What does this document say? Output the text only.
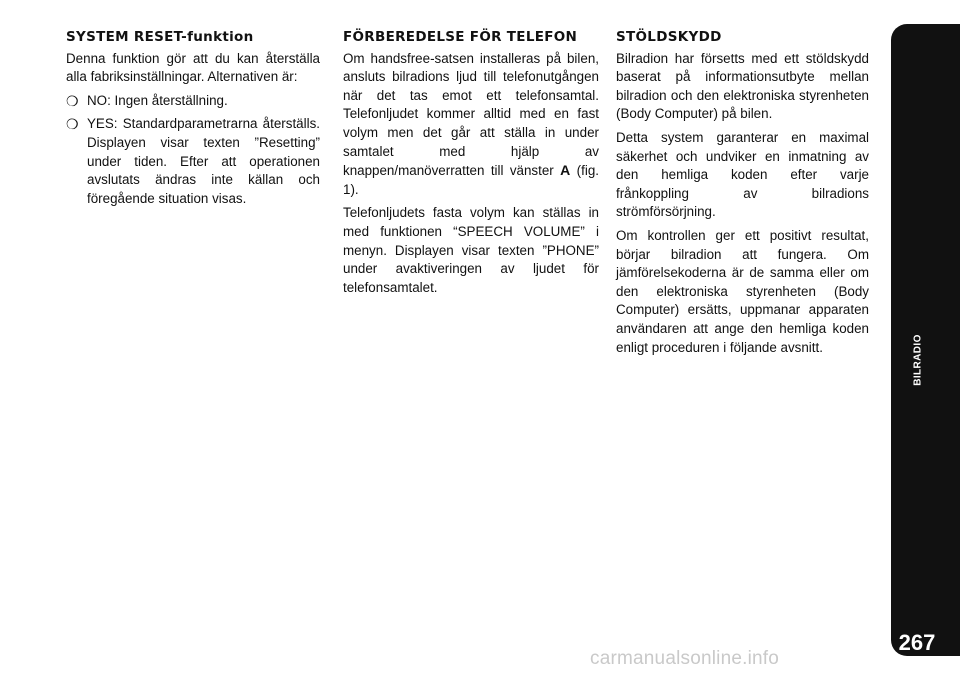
SYSTEM RESET-funktion

Denna funktion gör att du kan återställa alla fabriksinställningar. Alternativen är:

❍ NO: Ingen återställning.
❍ YES: Standardparametrarna återställs. Displayen visar texten ”Resetting” under tiden. Efter att operationen avslutats ändras inte källan och föregående situation visas.
FÖRBEREDELSE FÖR TELEFON

Om handsfree-satsen installeras på bilen, ansluts bilradions ljud till telefonutgången när det tas emot ett telefonsamtal. Telefonljudet kommer alltid med en fast volym men det går att ställa in under samtalet med hjälp av knappen/manöverratten till vänster A (fig. 1).

Telefonljudets fasta volym kan ställas in med funktionen “SPEECH VOLUME” i menyn. Displayen visar texten ”PHONE” under avaktiveringen av ljudet för telefonsamtalet.

STÖLDSKYDD

Bilradion har försetts med ett stöldskydd baserat på informationsutbyte mellan bilradion och den elektroniska styrenheten (Body Computer) på bilen.

Detta system garanterar en maximal säkerhet och undviker en inmatning av den hemliga koden efter varje frånkoppling av bilradions strömförsörjning.

Om kontrollen ger ett positivt resultat, börjar bilradion att fungera. Om jämförelsekoderna är de samma eller om den elektroniska styrenheten (Body Computer) ersätts, uppmanar apparaten användaren att ange den hemliga koden enligt proceduren i följande avsnitt.	BILRADIO
267
carmanualsonline.info
